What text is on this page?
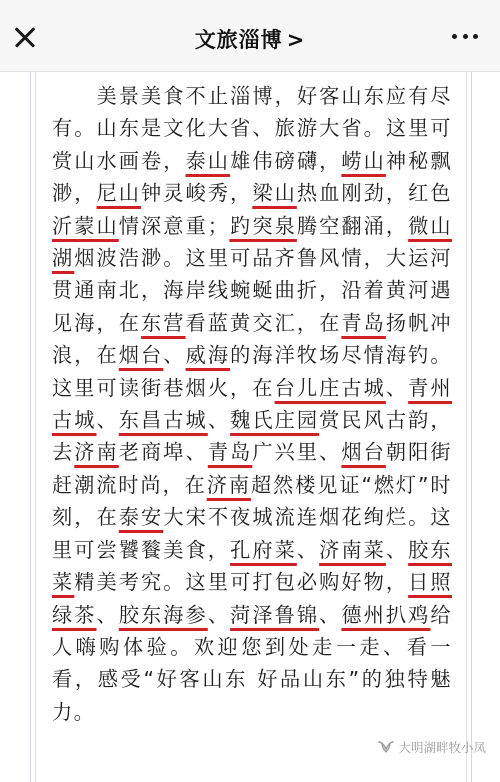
文旅淄博 >

　　美景美食不止淄博，好客山东应有尽有。山东是文化大省、旅游大省。这里可赏山水画卷，泰山雄伟磅礴，崂山神秘飘渺，尼山钟灵峻秀，梁山热血刚劲，红色沂蒙山情深意重；趵突泉腾空翻涌，微山湖烟波浩渺。这里可品齐鲁风情，大运河贯通南北，海岸线蜿蜒曲折，沿着黄河遇见海，在东营看蓝黄交汇，在青岛扬帆冲浪，在烟台、威海的海洋牧场尽情海钓。这里可读街巷烟火，在台儿庄古城、青州古城、东昌古城、魏氏庄园赏民风古韵，去济南老商埠、青岛广兴里、烟台朝阳街赶潮流时尚，在济南超然楼见证“燃灯”时刻，在泰安大宋不夜城流连烟花绚烂。这里可尝饕餮美食，孔府菜、济南菜、胶东菜精美考究。这里可打包必购好物，日照绿茶、胶东海参、菏泽鲁锦、德州扒鸡给人嗨购体验。欢迎您到处走一走、看一看，感受“好客山东 好品山东”的独特魅力。

大明湖畔牧小凤
